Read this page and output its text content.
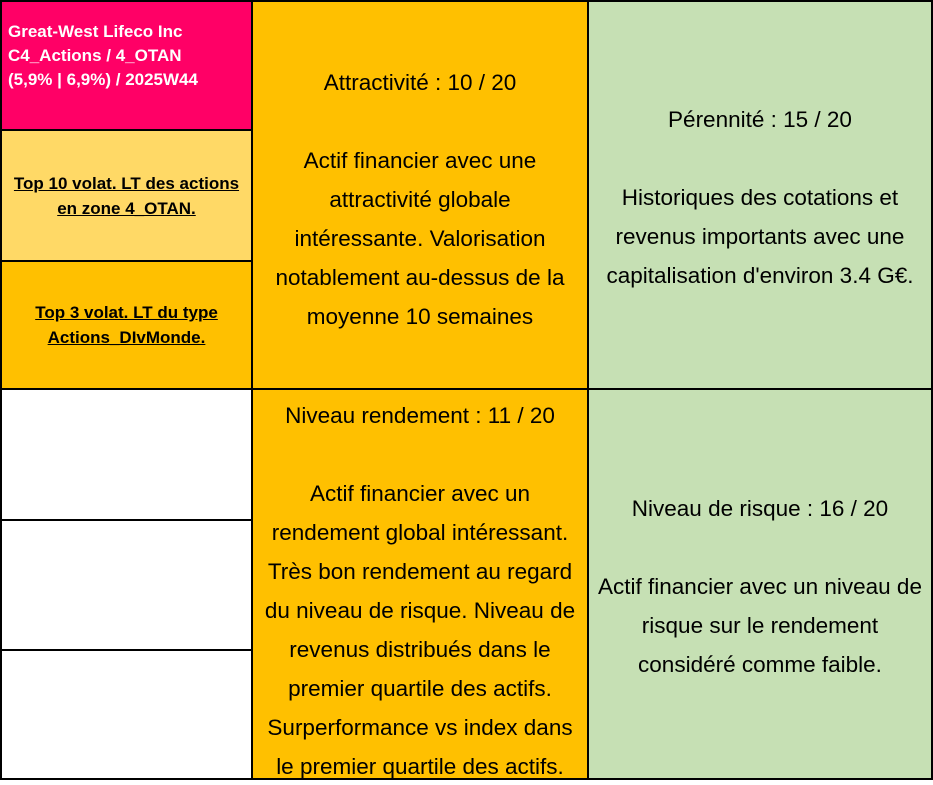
Great-West Lifeco Inc
C4_Actions / 4_OTAN
(5,9% | 6,9%) / 2025W44
Top 10 volat. LT des actions
en zone 4_OTAN.
Top 3 volat. LT du type
Actions_DIvMonde.
Attractivité : 10 / 20
Actif financier avec une
attractivité globale
intéressante. Valorisation
notablement au-dessus de la
moyenne 10 semaines
Niveau rendement : 11 / 20
Actif financier avec un
rendement global intéressant.
Très bon rendement au regard
du niveau de risque. Niveau de
revenus distribués dans le
premier quartile des actifs.
Surperformance vs index dans
le premier quartile des actifs.
Pérennité : 15 / 20
Historiques des cotations et
revenus importants avec une
capitalisation d'environ 3.4 G€.
Niveau de risque : 16 / 20
Actif financier avec un niveau de
risque sur le rendement
considéré comme faible.
